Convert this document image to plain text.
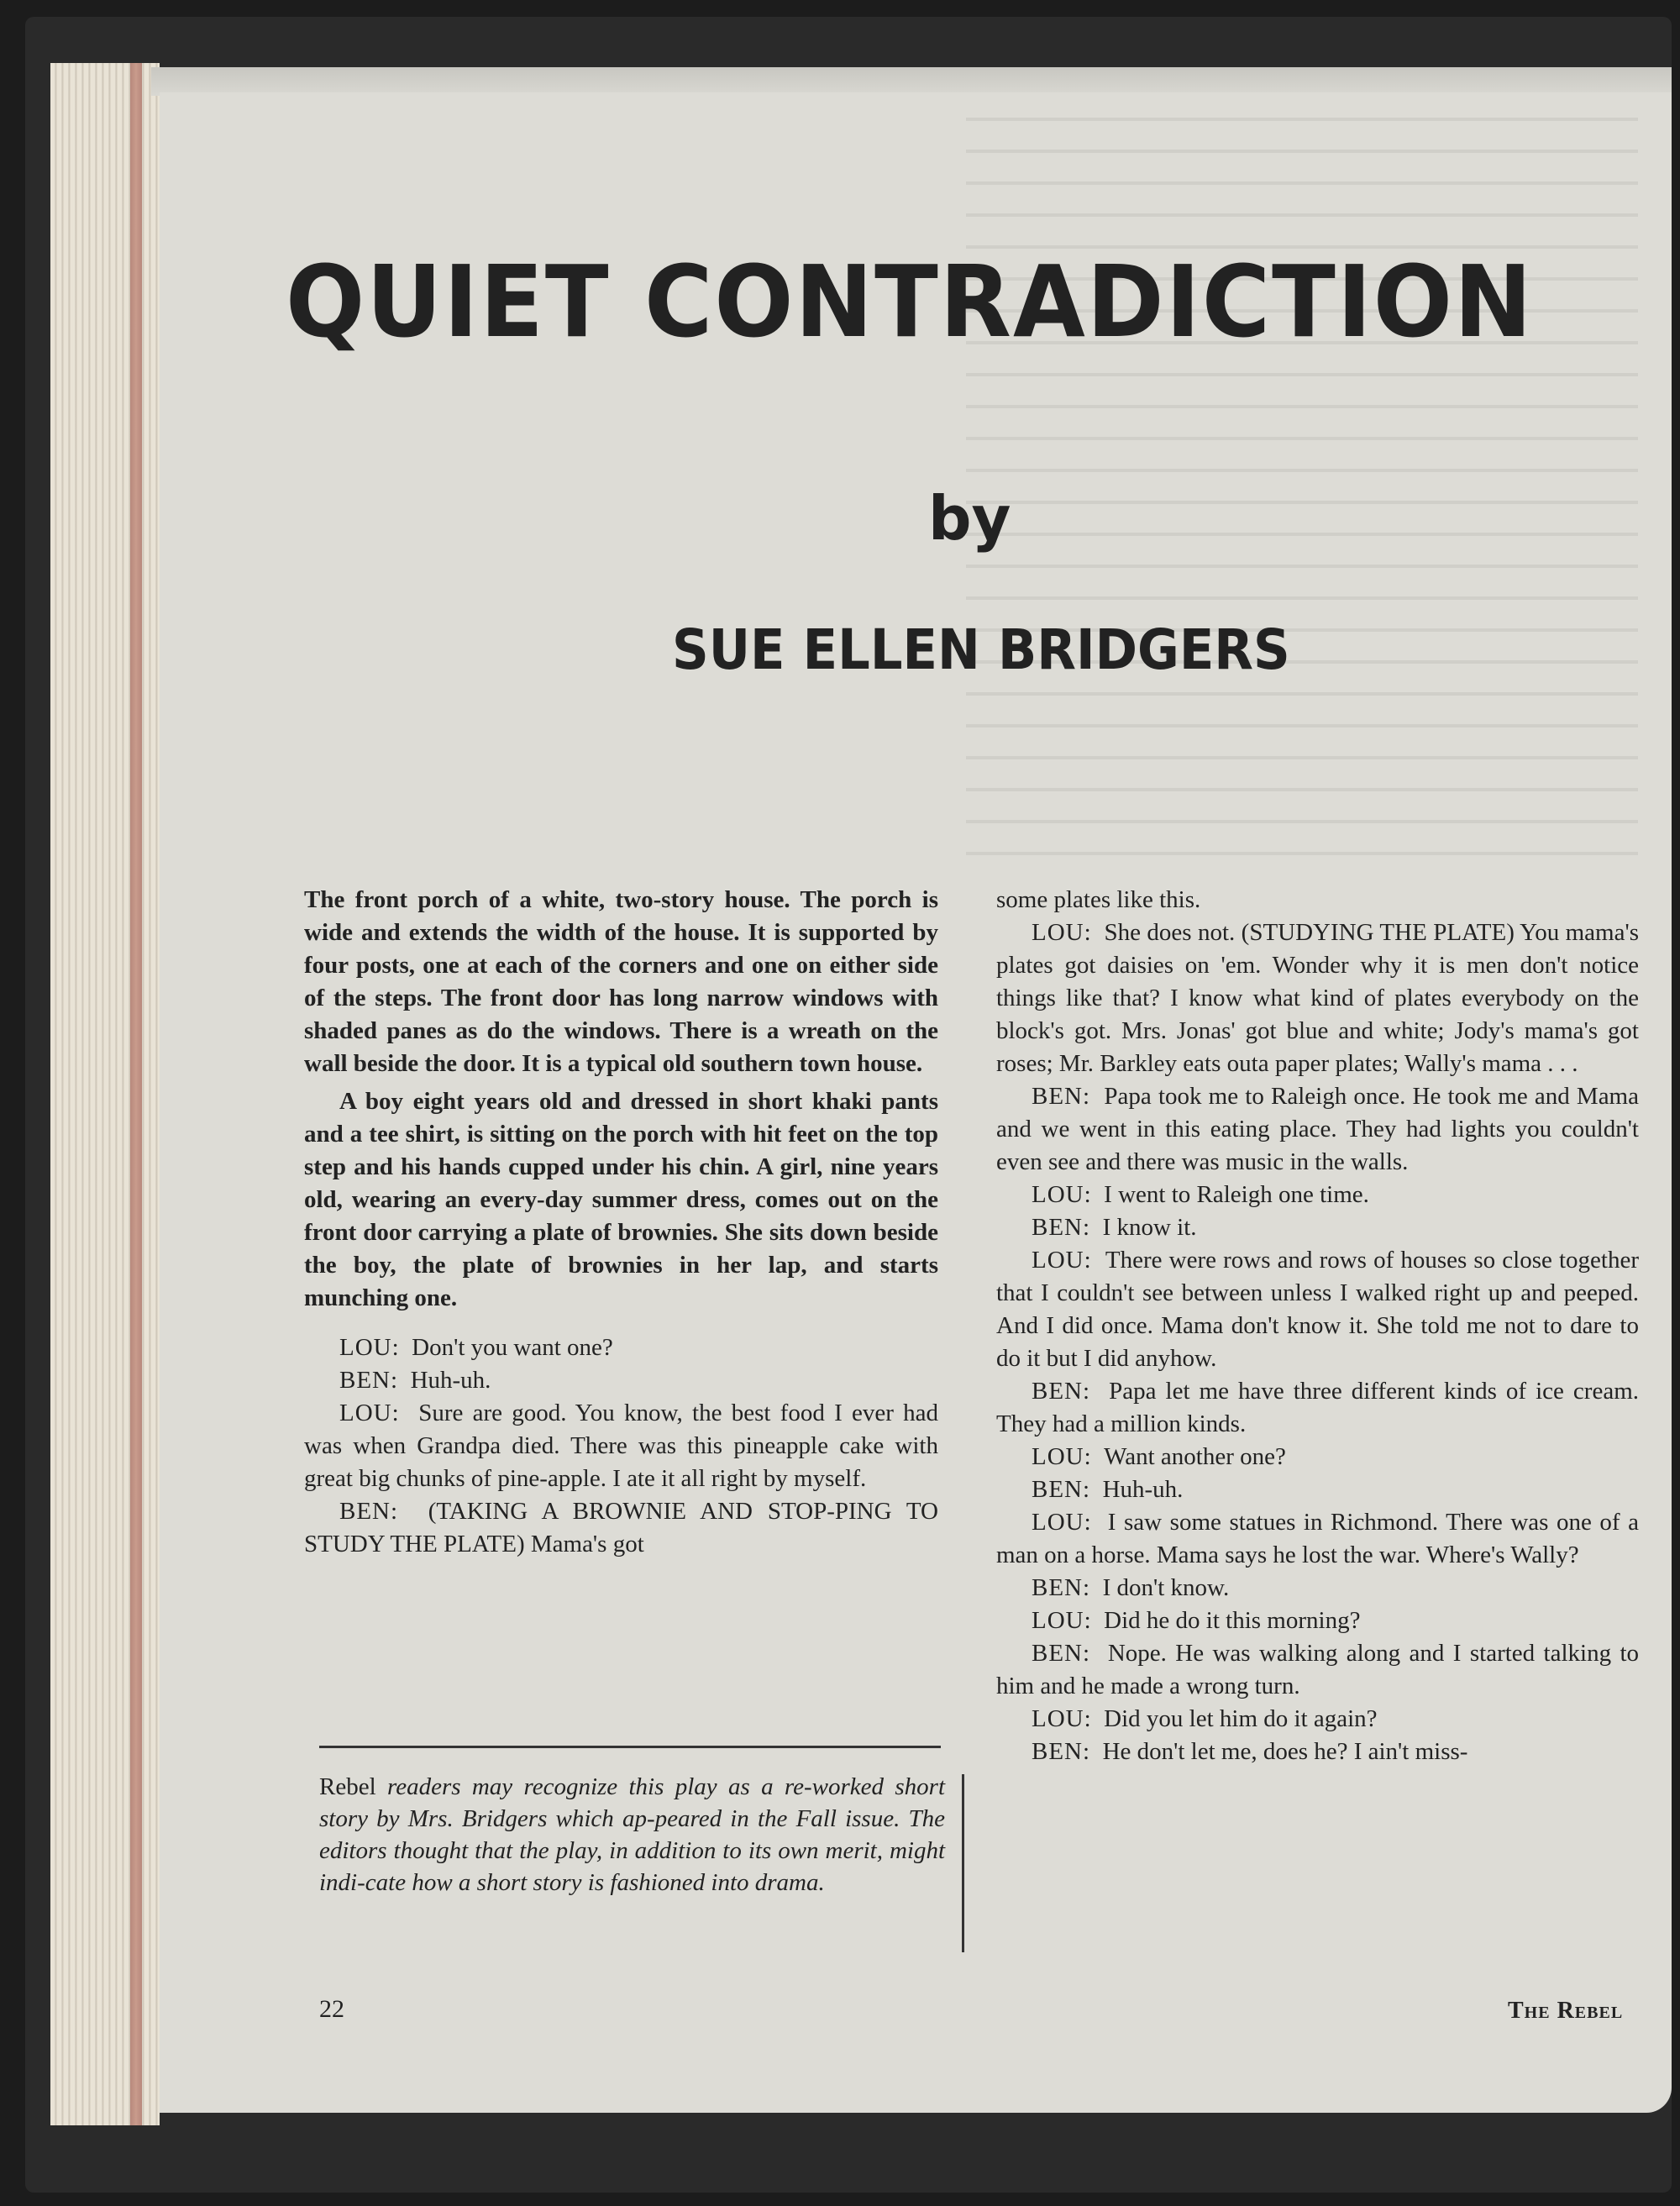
QUIET CONTRADICTION
by
SUE ELLEN BRIDGERS

The front porch of a white, two-story house. The porch is wide and extends the width of the house. It is supported by four posts, one at each of the corners and one on either side of the steps. The front door has long narrow windows with shaded panes as do the windows. There is a wreath on the wall beside the door. It is a typical old southern town house.

A boy eight years old and dressed in short khaki pants and a tee shirt, is sitting on the porch with hit feet on the top step and his hands cupped under his chin. A girl, nine years old, wearing an every-day summer dress, comes out on the front door carrying a plate of brownies. She sits down beside the boy, the plate of brownies in her lap, and starts munching one.

LOU: Don't you want one?

BEN: Huh-uh.

LOU: Sure are good. You know, the best food I ever had was when Grandpa died. There was this pineapple cake with great big chunks of pine-apple. I ate it all right by myself.

BEN: (TAKING A BROWNIE AND STOP-PING TO STUDY THE PLATE) Mama's got

some plates like this.

LOU: She does not. (STUDYING THE PLATE) You mama's plates got daisies on 'em. Wonder why it is men don't notice things like that? I know what kind of plates everybody on the block's got. Mrs. Jonas' got blue and white; Jody's mama's got roses; Mr. Barkley eats outa paper plates; Wally's mama . . .

BEN: Papa took me to Raleigh once. He took me and Mama and we went in this eating place. They had lights you couldn't even see and there was music in the walls.

LOU: I went to Raleigh one time.

BEN: I know it.

LOU: There were rows and rows of houses so close together that I couldn't see between unless I walked right up and peeped. And I did once. Mama don't know it. She told me not to dare to do it but I did anyhow.

BEN: Papa let me have three different kinds of ice cream. They had a million kinds.

LOU: Want another one?

BEN: Huh-uh.

LOU: I saw some statues in Richmond. There was one of a man on a horse. Mama says he lost the war. Where's Wally?

BEN: I don't know.

LOU: Did he do it this morning?

BEN: Nope. He was walking along and I started talking to him and he made a wrong turn.

LOU: Did you let him do it again?

BEN: He don't let me, does he? I ain't miss-

Rebel readers may recognize this play as a re-worked short story by Mrs. Bridgers which ap-peared in the Fall issue. The editors thought that the play, in addition to its own merit, might indi-cate how a short story is fashioned into drama.

22	The Rebel
